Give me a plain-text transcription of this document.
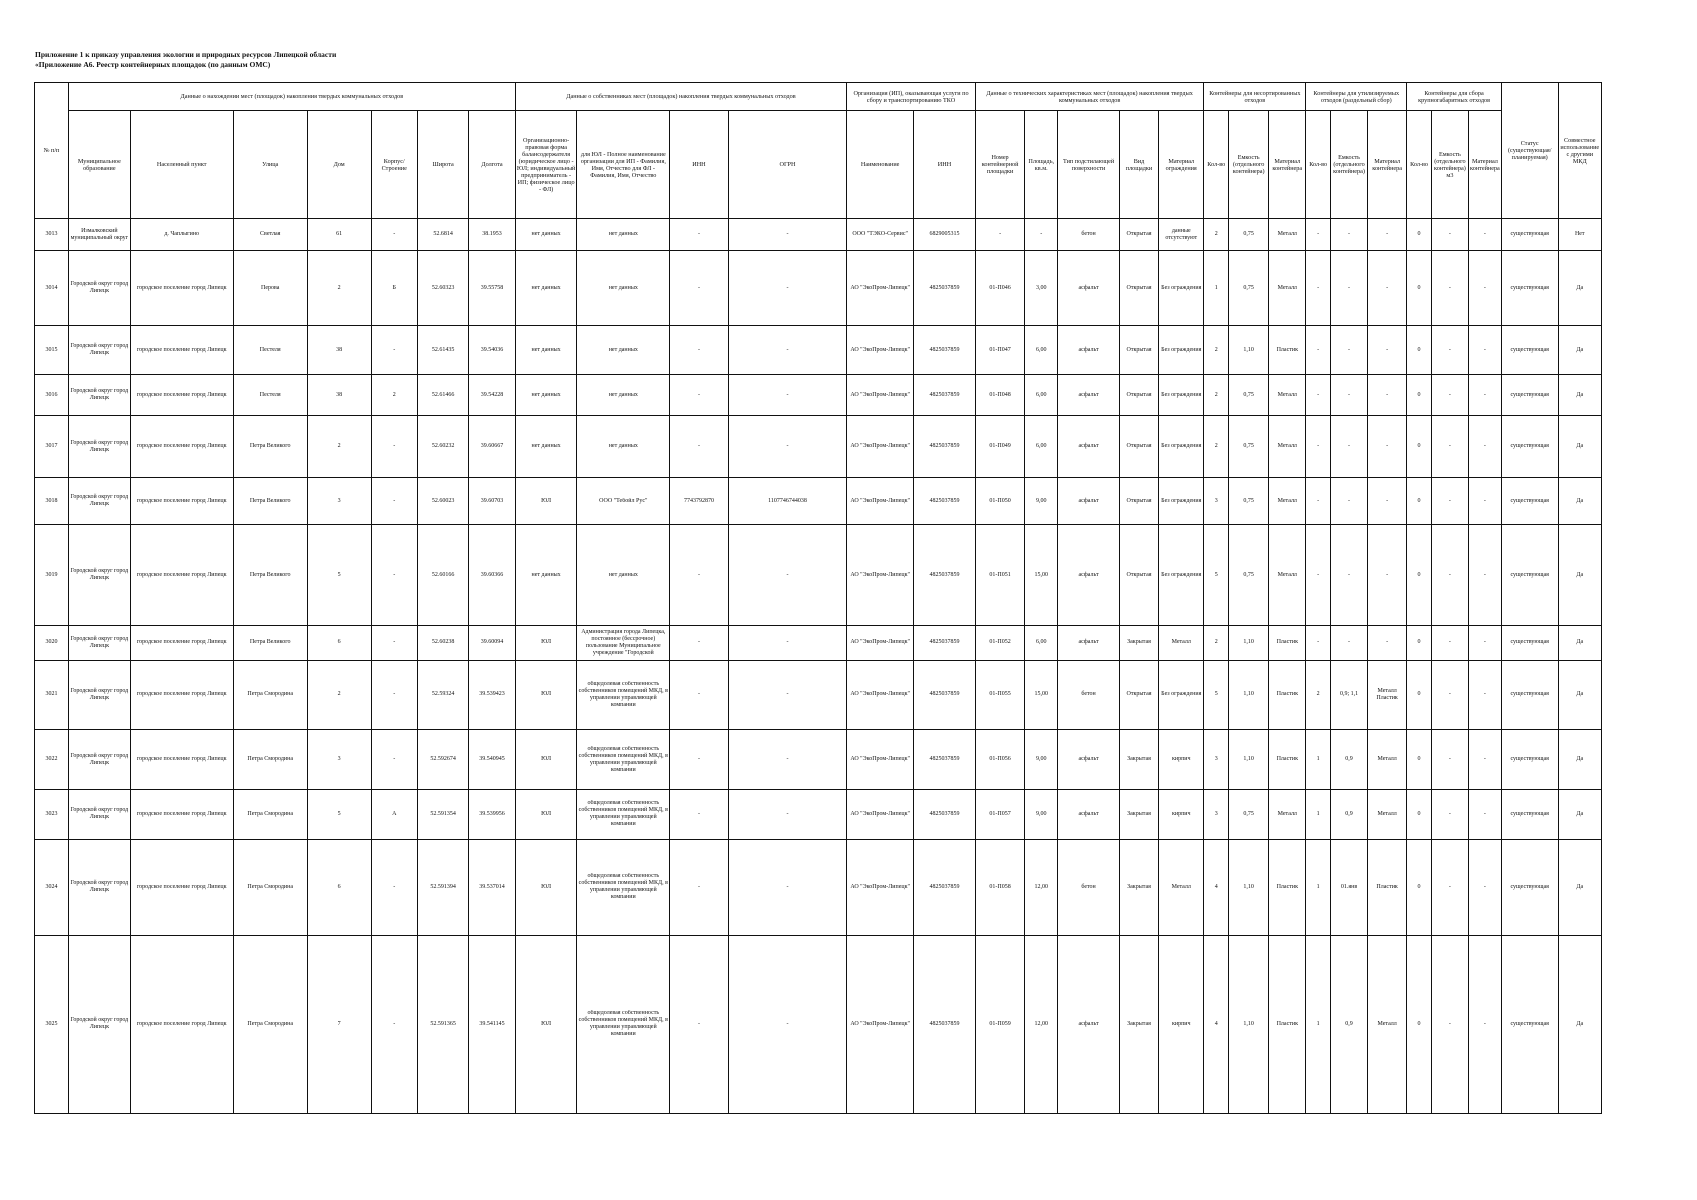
Приложение 1 к приказу управления экологии и природных ресурсов Липецкой области
«Приложение А6. Реестр контейнерных площадок (по данным ОМС)
№ п/п	Данные о нахождении мест (площадок) накопления твердых коммунальных отходов							Данные о собственниках мест (площадок) накопления твердых коммунальных отходов				Организация (ИП), оказывающая услуги по сбору и транспортированию ТКО		Данные о технических характеристиках мест (площадок) накопления твердых коммунальных отходов					Контейнеры для несортированных отходов			Контейнеры для утилизируемых отходов (раздельный сбор)			Контейнеры для сбора крупногабаритных отходов			Статус (существующая/ планируемая)	Совместное использование с другими МКД
	Муниципальное образование	Населенный пункт	Улица	Дом	Корпус/Строение	Широта	Долгота	Организационно-правовая форма балансодержателя (юридическое лицо - ЮЛ; индивидуальный предприниматель - ИП; физическое лицо - ФЛ)	для ЮЛ - Полное наименование организации для ИП - Фамилия, Имя, Отчество для ФЛ - Фамилия, Имя, Отчество	ИНН	ОГРН	Наименование	ИНН	Номер контейнерной площадки	Площадь, кв.м.	Тип подстилающей поверхности	Вид площадки	Материал ограждения	Кол-во	Емкость (отдельного контейнера)	Материал контейнера	Кол-во	Емкость (отдельного контейнера)	Материал контейнера	Кол-во	Емкость (отдельного контейнера) м3	Материал контейнера		
3013	Измалковский муниципальный округ	д. Чаплыгино	Светлая	61	-	52.6814	38.1953	нет данных	нет данных	-	-	ООО "ТЭКО-Сервис"	6829005315	-	-	бетон	Открытая	данные отсутствуют	2	0,75	Металл	-	-	-	0	-	-	существующая	Нет
3014	Городской округ город Липецк	городское поселение город Липецк	Перова	2	Б	52.60323	39.55758	нет данных	нет данных	-	-	АО "ЭкоПром-Липецк"	4825037859	01-П046	3,00	асфальт	Открытая	Без ограждения	1	0,75	Металл	-	-	-	0	-	-	существующая	Да
3015	Городской округ город Липецк	городское поселение город Липецк	Пестеля	38	-	52.61435	39.54036	нет данных	нет данных	-	-	АО "ЭкоПром-Липецк"	4825037859	01-П047	6,00	асфальт	Открытая	Без ограждения	2	1,10	Пластик	-	-	-	0	-	-	существующая	Да
3016	Городской округ город Липецк	городское поселение город Липецк	Пестеля	38	2	52.61466	39.54228	нет данных	нет данных	-	-	АО "ЭкоПром-Липецк"	4825037859	01-П048	6,00	асфальт	Открытая	Без ограждения	2	0,75	Металл	-	-	-	0	-	-	существующая	Да
3017	Городской округ город Липецк	городское поселение город Липецк	Петра Великого	2	-	52.60232	39.60667	нет данных	нет данных	-	-	АО "ЭкоПром-Липецк"	4825037859	01-П049	6,00	асфальт	Открытая	Без ограждения	2	0,75	Металл	-	-	-	0	-	-	существующая	Да
3018	Городской округ город Липецк	городское поселение город Липецк	Петра Великого	3	-	52.60023	39.60703	ЮЛ	ООО "Тебойл Рус"	7743792870	1107746744038	АО "ЭкоПром-Липецк"	4825037859	01-П050	9,00	асфальт	Открытая	Без ограждения	3	0,75	Металл	-	-	-	0	-	-	существующая	Да
3019	Городской округ город Липецк	городское поселение город Липецк	Петра Великого	5	-	52.60166	39.60366	нет данных	нет данных	-	-	АО "ЭкоПром-Липецк"	4825037859	01-П051	15,00	асфальт	Открытая	Без ограждения	5	0,75	Металл	-	-	-	0	-	-	существующая	Да
3020	Городской округ город Липецк	городское поселение город Липецк	Петра Великого	6	-	52.60238	39.60094	ЮЛ	Администрация города Липецка, постоянное (бессрочное) пользование Муниципальное учреждение "Городской	-	-	АО "ЭкоПром-Липецк"	4825037859	01-П052	6,00	асфальт	Закрытая	Металл	2	1,10	Пластик	-	-	-	0	-	-	существующая	Да
3021	Городской округ город Липецк	городское поселение город Липецк	Петра Смородина	2	-	52.59324	39.539423	ЮЛ	общедолевая собственность собственников помещений МКД, в управлении управляющей компании	-	-	АО "ЭкоПром-Липецк"	4825037859	01-П055	15,00	бетон	Открытая	Без ограждения	5	1,10	Пластик	2	0,9; 1,1	Металл Пластик	0	-	-	существующая	Да
3022	Городской округ город Липецк	городское поселение город Липецк	Петра Смородина	3	-	52.592674	39.540945	ЮЛ	общедолевая собственность собственников помещений МКД, в управлении управляющей компании	-	-	АО "ЭкоПром-Липецк"	4825037859	01-П056	9,00	асфальт	Закрытая	кирпич	3	1,10	Пластик	1	0,9	Металл	0	-	-	существующая	Да
3023	Городской округ город Липецк	городское поселение город Липецк	Петра Смородина	5	А	52.591354	39.539956	ЮЛ	общедолевая собственность собственников помещений МКД, в управлении управляющей компании	-	-	АО "ЭкоПром-Липецк"	4825037859	01-П057	9,00	асфальт	Закрытая	кирпич	3	0,75	Металл	1	0,9	Металл	0	-	-	существующая	Да
3024	Городской округ город Липецк	городское поселение город Липецк	Петра Смородина	6	-	52.591394	39.537014	ЮЛ	общедолевая собственность собственников помещений МКД, в управлении управляющей компании	-	-	АО "ЭкоПром-Липецк"	4825037859	01-П058	12,00	бетон	Закрытая	Металл	4	1,10	Пластик	1	01.янв	Пластик	0	-	-	существующая	Да
3025	Городской округ город Липецк	городское поселение город Липецк	Петра Смородина	7	-	52.591365	39.541145	ЮЛ	общедолевая собственность собственников помещений МКД, в управлении управляющей компании	-	-	АО "ЭкоПром-Липецк"	4825037859	01-П059	12,00	асфальт	Закрытая	кирпич	4	1,10	Пластик	1	0,9	Металл	0	-	-	существующая	Да
